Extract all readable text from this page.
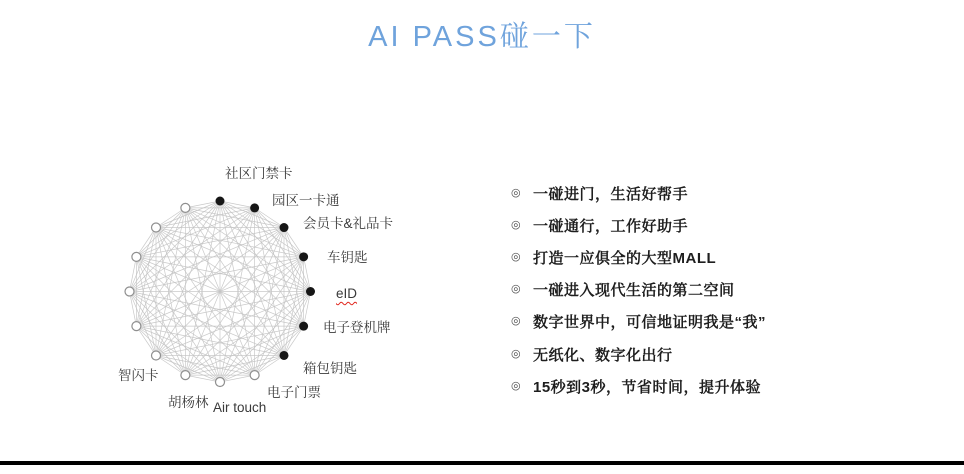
AI PASS碰一下
社区门禁卡
园区一卡通
会员卡&礼品卡
车钥匙
eID
电子登机牌
箱包钥匙
电子门票
Air touch
胡杨林
智闪卡
◎ 一碰进门，生活好帮手
◎ 一碰通行，工作好助手
◎ 打造一应俱全的大型MALL
◎ 一碰进入现代生活的第二空间
◎ 数字世界中，可信地证明我是“我”
◎ 无纸化、数字化出行
◎ 15秒到3秒，节省时间，提升体验
